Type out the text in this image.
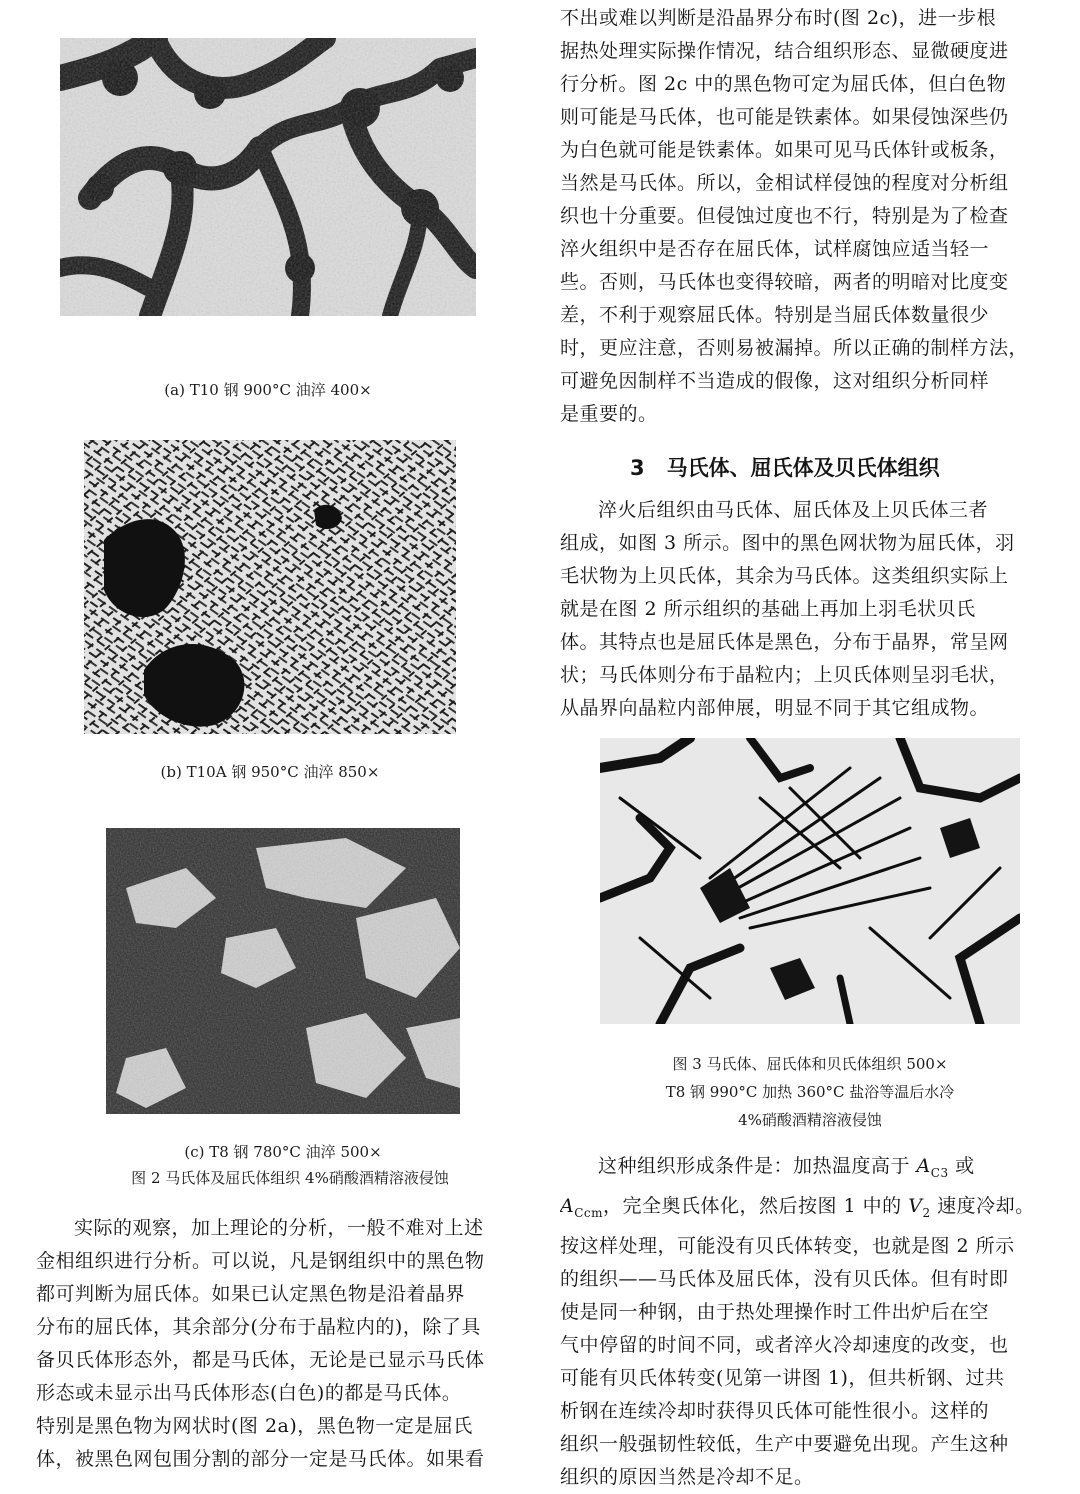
(a) T10 钢 900°C 油淬 400×
(b) T10A 钢 950°C 油淬 850×
(c) T8 钢 780°C 油淬 500×
图 2 马氏体及屈氏体组织 4%硝酸酒精溶液侵蚀
实际的观察，加上理论的分析，一般不难对上述
金相组织进行分析。可以说，凡是钢组织中的黑色物
都可判断为屈氏体。如果已认定黑色物是沿着晶界
分布的屈氏体，其余部分(分布于晶粒内的)，除了具
备贝氏体形态外，都是马氏体，无论是已显示马氏体
形态或未显示出马氏体形态(白色)的都是马氏体。
特别是黑色物为网状时(图 2a)，黑色物一定是屈氏
体，被黑色网包围分割的部分一定是马氏体。如果看
不出或难以判断是沿晶界分布时(图 2c)，进一步根
据热处理实际操作情况，结合组织形态、显微硬度进
行分析。图 2c 中的黑色物可定为屈氏体，但白色物
则可能是马氏体，也可能是铁素体。如果侵蚀深些仍
为白色就可能是铁素体。如果可见马氏体针或板条，
当然是马氏体。所以，金相试样侵蚀的程度对分析组
织也十分重要。但侵蚀过度也不行，特别是为了检查
淬火组织中是否存在屈氏体，试样腐蚀应适当轻一
些。否则，马氏体也变得较暗，两者的明暗对比度变
差，不利于观察屈氏体。特别是当屈氏体数量很少
时，更应注意，否则易被漏掉。所以正确的制样方法，
可避免因制样不当造成的假像，这对组织分析同样
是重要的。
3 马氏体、屈氏体及贝氏体组织
淬火后组织由马氏体、屈氏体及上贝氏体三者
组成，如图 3 所示。图中的黑色网状物为屈氏体，羽
毛状物为上贝氏体，其余为马氏体。这类组织实际上
就是在图 2 所示组织的基础上再加上羽毛状贝氏
体。其特点也是屈氏体是黑色，分布于晶界，常呈网
状；马氏体则分布于晶粒内；上贝氏体则呈羽毛状，
从晶界向晶粒内部伸展，明显不同于其它组成物。
图 3 马氏体、屈氏体和贝氏体组织 500×
T8 钢 990°C 加热 360°C 盐浴等温后水冷
4%硝酸酒精溶液侵蚀
这种组织形成条件是：加热温度高于 $A_{C3}$ 或
$A_{Ccm}$，完全奥氏体化，然后按图 1 中的 $V_2$ 速度冷却。
按这样处理，可能没有贝氏体转变，也就是图 2 所示
的组织——马氏体及屈氏体，没有贝氏体。但有时即
使是同一种钢，由于热处理操作时工件出炉后在空
气中停留的时间不同，或者淬火冷却速度的改变，也
可能有贝氏体转变(见第一讲图 1)，但共析钢、过共
析钢在连续冷却时获得贝氏体可能性很小。这样的
组织一般强韧性较低，生产中要避免出现。产生这种
组织的原因当然是冷却不足。
